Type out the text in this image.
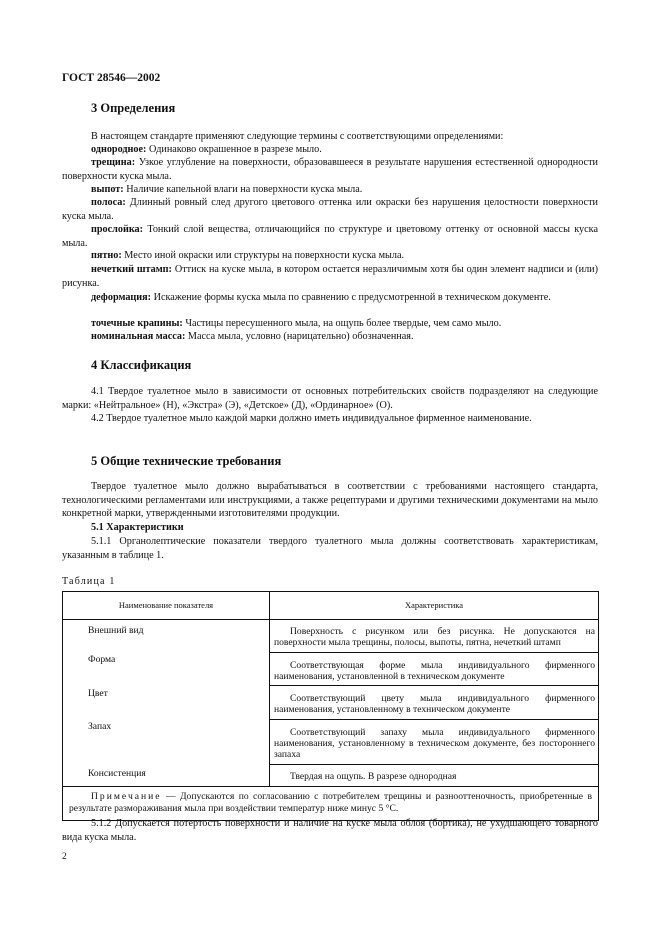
ГОСТ 28546—2002
3 Определения
В настоящем стандарте применяют следующие термины с соответствующими определениями:
однородное: Одинаково окрашенное в разрезе мыло.
трещина: Узкое углубление на поверхности, образовавшееся в результате нарушения естественной однородности поверхности куска мыла.
выпот: Наличие капельной влаги на поверхности куска мыла.
полоса: Длинный ровный след другого цветового оттенка или окраски без нарушения целостности поверхности куска мыла.
прослойка: Тонкий слой вещества, отличающийся по структуре и цветовому оттенку от основной массы куска мыла.
пятно: Место иной окраски или структуры на поверхности куска мыла.
нечеткий штамп: Оттиск на куске мыла, в котором остается неразличимым хотя бы один элемент надписи и (или) рисунка.
деформация: Искажение формы куска мыла по сравнению с предусмотренной в техническом документе.
точечные крапины: Частицы пересушенного мыла, на ощупь более твердые, чем само мыло.
номинальная масса: Масса мыла, условно (нарицательно) обозначенная.
4 Классификация
4.1 Твердое туалетное мыло в зависимости от основных потребительских свойств подразделяют на следующие марки: «Нейтральное» (Н), «Экстра» (Э), «Детское» (Д), «Ординарное» (О).
4.2 Твердое туалетное мыло каждой марки должно иметь индивидуальное фирменное наименование.
5 Общие технические требования
Твердое туалетное мыло должно вырабатываться в соответствии с требованиями настоящего стандарта, технологическими регламентами или инструкциями, а также рецептурами и другими техническими документами на мыло конкретной марки, утвержденными изготовителями продукции.
5.1 Характеристики
5.1.1 Органолептические показатели твердого туалетного мыла должны соответствовать характеристикам, указанным в таблице 1.
Таблица 1
Наименование показателя	Характеристика
Внешний вид	Поверхность с рисунком или без рисунка. Не допускаются на поверхности мыла трещины, полосы, выпоты, пятна, нечеткий штамп

Форма	Соответствующая форме мыла индивидуального фирменного наименования, установленной в техническом документе

Цвет	Соответствующий цвету мыла индивидуального фирменного наименования, установленному в техническом документе

Запах	Соответствующий запаху мыла индивидуального фирменного наименования, установленному в техническом документе, без постороннего запаха

Консистенция	Твердая на ощупь. В разрезе однородная

Примечание — Допускаются по согласованию с потребителем трещины и разнооттеночность, приобретенные в результате размораживания мыла при воздействии температур ниже минус 5 °С.	
5.1.2 Допускается потертость поверхности и наличие на куске мыла облоя (бортика), не ухудшающего товарного вида куска мыла.
2
